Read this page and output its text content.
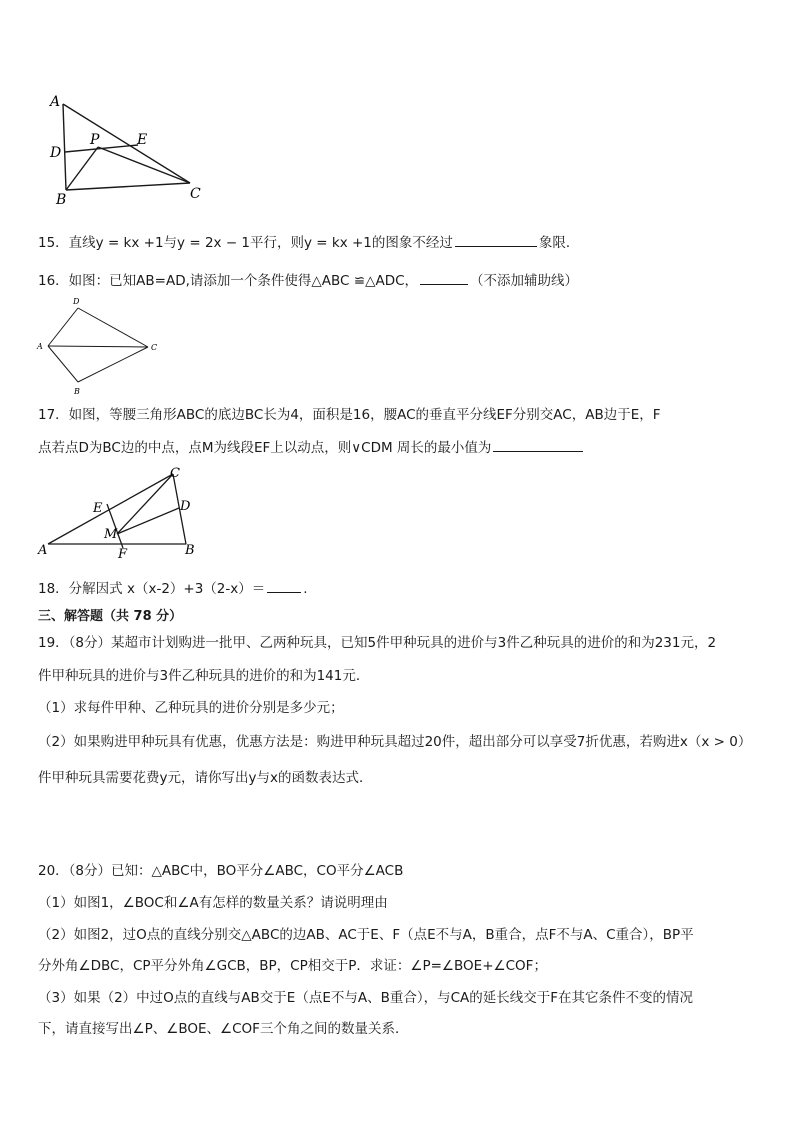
A
D
B
P	E
C
15．直线y = kx +1与y = 2x − 1平行，则y = kx +1的图象不经过	象限．
16．如图：已知AB=AD,请添加一个条件使得△ABC ≌△ADC，	（不添加辅助线）
D
A	C
B
17．如图，等腰三角形ABC的底边BC长为4，面积是16，腰AC的垂直平分线EF分别交AC，AB边于E，F
点若点D为BC边的中点，点M为线段EF上以动点，则∨CDM 周长的最小值为
C
D
E
M
A	F	B
18．分解因式 x（x-2）+3（2-x）＝	.
三、解答题（共 78 分）
19．（8分）某超市计划购进一批甲、乙两种玩具，已知5件甲种玩具的进价与3件乙种玩具的进价的和为231元，2
件甲种玩具的进价与3件乙种玩具的进价的和为141元．
（1）求每件甲种、乙种玩具的进价分别是多少元；
（2）如果购进甲种玩具有优惠，优惠方法是：购进甲种玩具超过20件，超出部分可以享受7折优惠，若购进x（x > 0）
件甲种玩具需要花费y元，请你写出y与x的函数表达式．
20．（8分）已知：△ABC中，BO平分∠ABC，CO平分∠ACB
（1）如图1，∠BOC和∠A有怎样的数量关系？请说明理由
（2）如图2，过O点的直线分别交△ABC的边AB、AC于E、F（点E不与A，B重合，点F不与A、C重合），BP平
分外角∠DBC，CP平分外角∠GCB，BP，CP相交于P．求证：∠P=∠BOE+∠COF；
（3）如果（2）中过O点的直线与AB交于E（点E不与A、B重合），与CA的延长线交于F在其它条件不变的情况
下，请直接写出∠P、∠BOE、∠COF三个角之间的数量关系．
